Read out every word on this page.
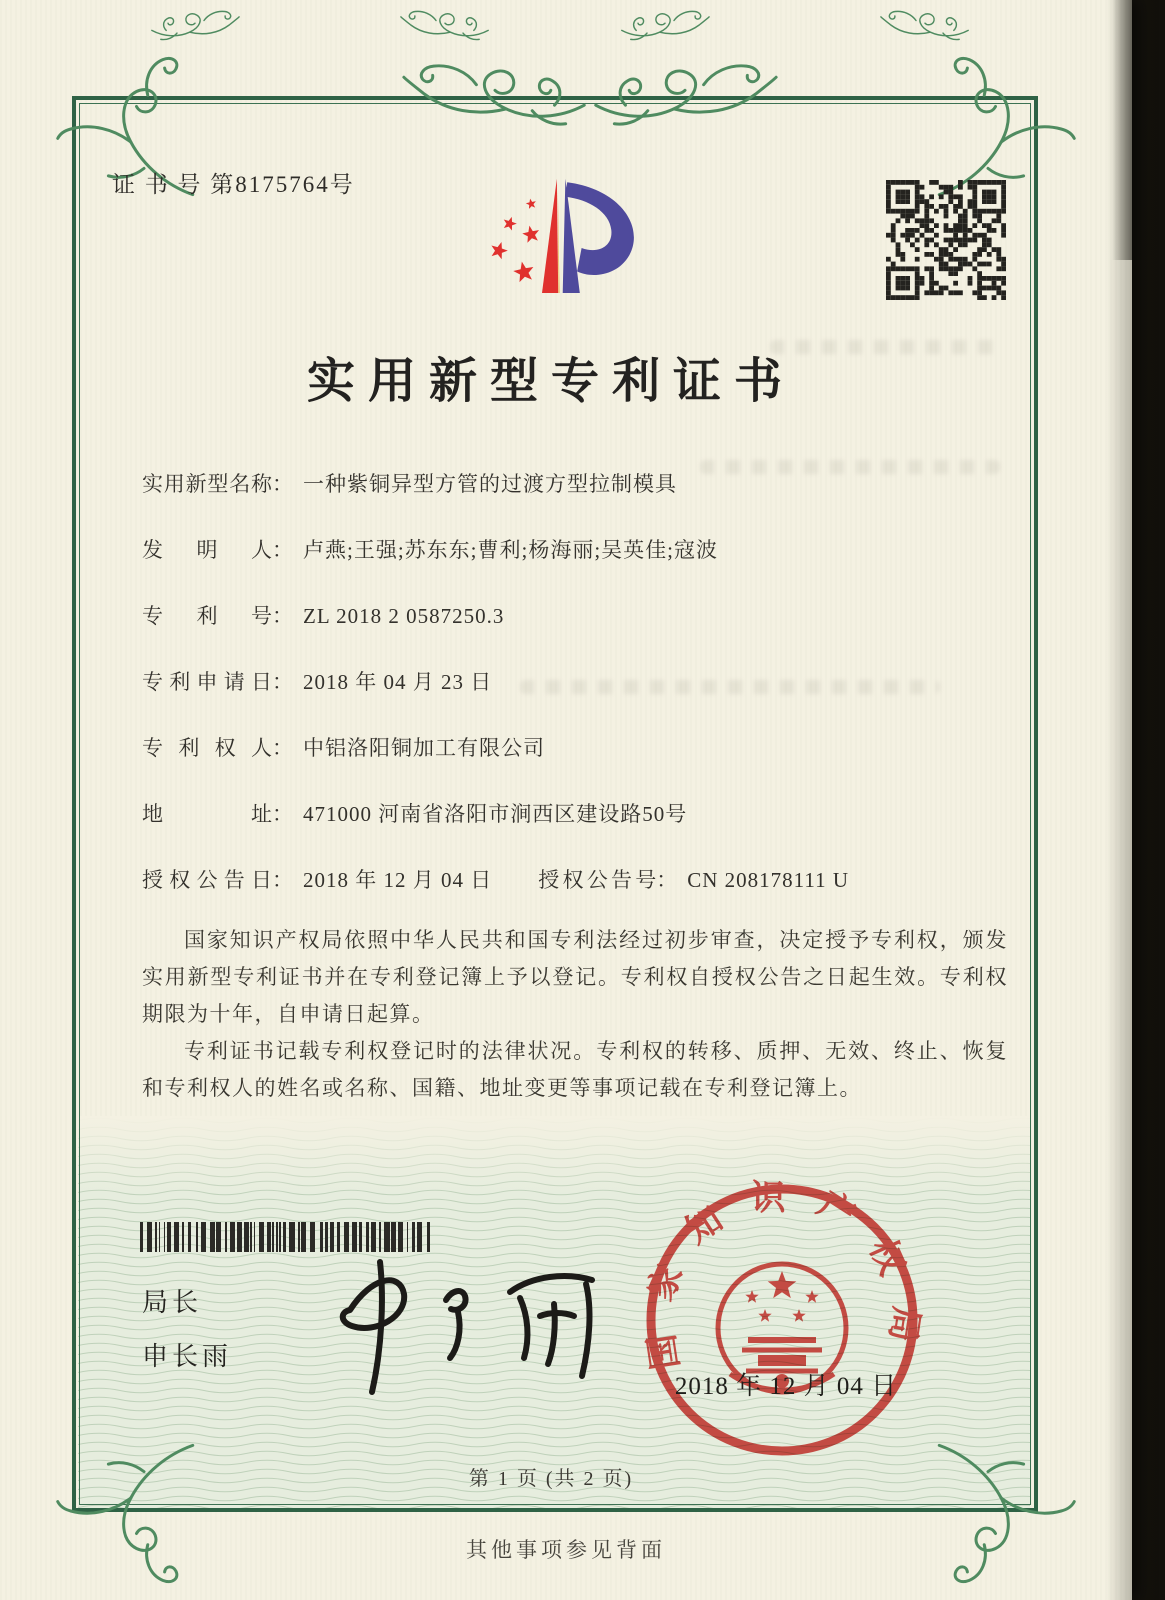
证 书 号 第8175764号
实用新型专利证书
实用新型名称： 一种紫铜异型方管的过渡方型拉制模具
发明人： 卢燕;王强;苏东东;曹利;杨海丽;吴英佳;寇波
专利号： ZL 2018 2 0587250.3
专利申请日： 2018 年 04 月 23 日
专利权人： 中铝洛阳铜加工有限公司
地址： 471000 河南省洛阳市涧西区建设路50号
授权公告日： 2018 年 12 月 04 日 授权公告号： CN 208178111 U

国家知识产权局依照中华人民共和国专利法经过初步审查，决定授予专利权，颁发实用新型专利证书并在专利登记簿上予以登记。专利权自授权公告之日起生效。专利权期限为十年，自申请日起算。

专利证书记载专利权登记时的法律状况。专利权的转移、质押、无效、终止、恢复和专利权人的姓名或名称、国籍、地址变更等事项记载在专利登记簿上。

局长
申长雨	国家知识产权局
2018 年 12 月 04 日
第 1 页 (共 2 页)
其他事项参见背面
